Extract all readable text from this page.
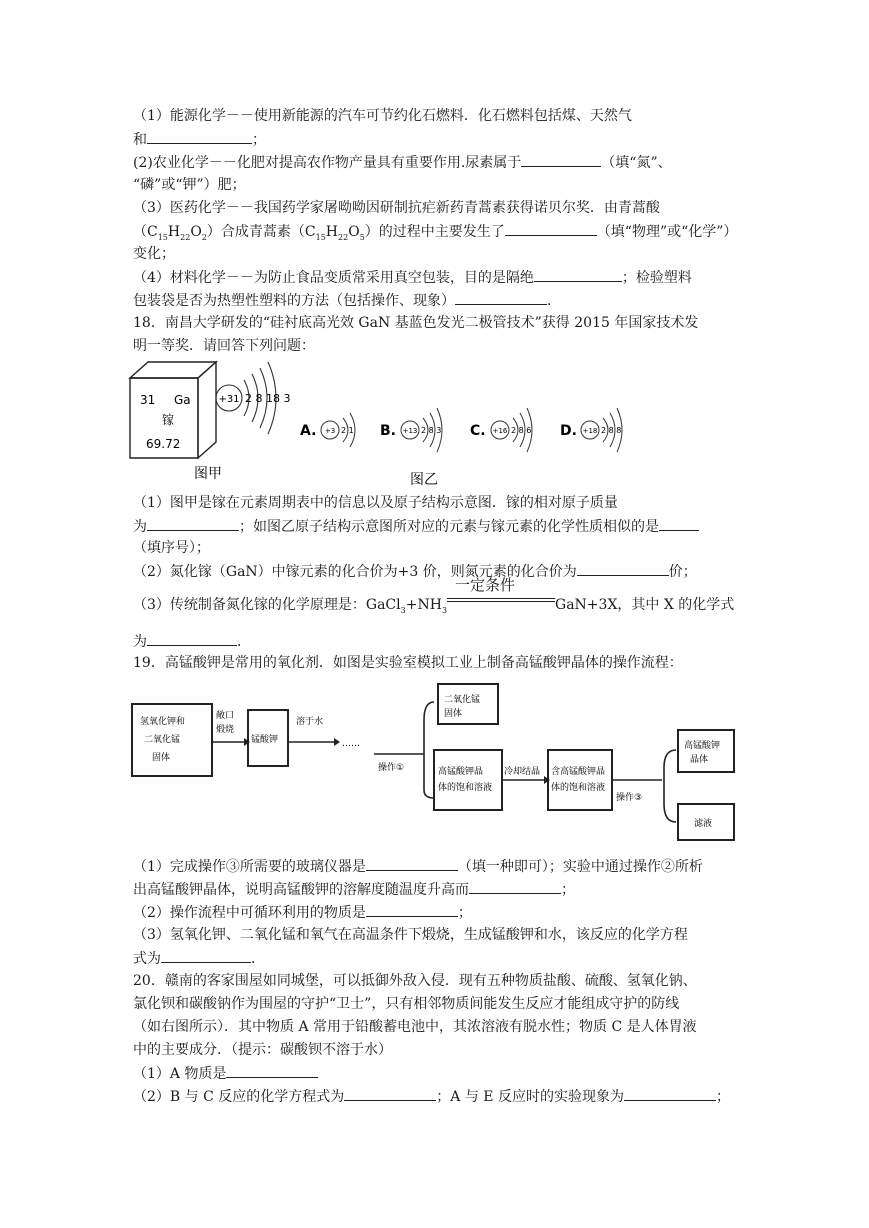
（1）能源化学－－使用新能源的汽车可节约化石燃料．化石燃料包括煤、天然气
和	；
(2)农业化学－－化肥对提高农作物产量具有重要作用.尿素属于	（填“氮”、
“磷”或“钾”）肥；
（3）医药化学－－我国药学家屠呦呦因研制抗疟新药青蒿素获得诺贝尔奖．由青蒿酸
$(C_{15}H_{22}O_2)$合成青蒿素$(C_{15}H_{22}O_5)$的过程中主要发生了	（填“物理”或“化学”）
变化；
（4）材料化学－－为防止食品变质常采用真空包装，目的是隔绝	；检验塑料
包装袋是否为热塑性塑料的方法（包括操作、现象）	．
18．南昌大学研发的“硅衬底高光效 GaN 基蓝色发光二极管技术”获得 2015 年国家技术发
明一等奖．请回答下列问题：
31 Ga
镓
69.72
+31 2 8 18 3
A. +3 2 1 B. +13 2 8 3 C. +16 2 8 6 D. +18 2 8 8
图甲	图乙
（1）图甲是镓在元素周期表中的信息以及原子结构示意图．镓的相对原子质量
为	；如图乙原子结构示意图所对应的元素与镓元素的化学性质相似的是
（填序号）；
（2）氮化镓（GaN）中镓元素的化合价为+3 价，则氮元素的化合价为	价；
（3）传统制备氮化镓的化学原理是：$GaCl_3+NH_3$
一定条件
GaN+3X，其中 X 的化学式
为	．
19．高锰酸钾是常用的氧化剂．如图是实验室模拟工业上制备高锰酸钾晶体的操作流程：
氢氧化钾和
二氧化锰
固体
敞口
煅烧
锰酸钾
溶于水
……
操作①
二氧化锰
固体
高锰酸钾晶
体的饱和溶液
冷却结晶 含高锰酸钾晶
体的饱和溶液
操作③
高锰酸钾
晶体
滤液
（1）完成操作③所需要的玻璃仪器是	（填一种即可）；实验中通过操作②所析
出高锰酸钾晶体，说明高锰酸钾的溶解度随温度升高而	；
（2）操作流程中可循环利用的物质是	；
（3）氢氧化钾、二氧化锰和氧气在高温条件下煅烧，生成锰酸钾和水，该反应的化学方程
式为	．
20．赣南的客家围屋如同城堡，可以抵御外敌入侵．现有五种物质盐酸、硫酸、氢氧化钠、
氯化钡和碳酸钠作为围屋的守护“卫士”，只有相邻物质间能发生反应才能组成守护的防线
（如右图所示）．其中物质 A 常用于铅酸蓄电池中，其浓溶液有脱水性；物质 C 是人体胃液
中的主要成分．（提示：碳酸钡不溶于水）
（1）A 物质是
（2）B 与 C 反应的化学方程式为	；A 与 E 反应时的实验现象为	；
